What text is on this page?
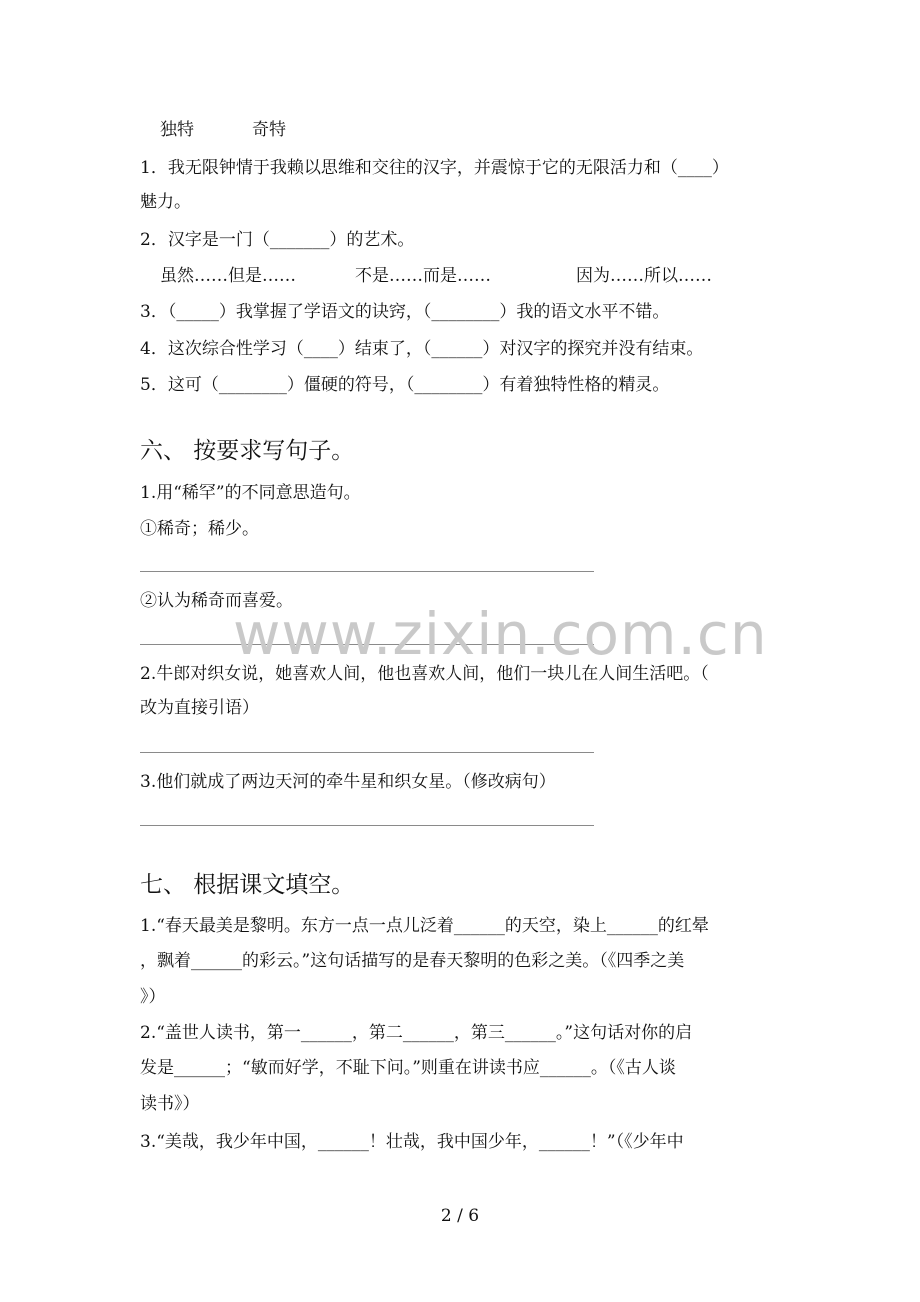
独特	奇特
1．我无限钟情于我赖以思维和交往的汉字，并震惊于它的无限活力和（____）
魅力。
2．汉字是一门（_______）的艺术。
虽然……但是……	不是……而是……	因为……所以……
3．（_____）我掌握了学语文的诀窍，（________）我的语文水平不错。
4．这次综合性学习（____）结束了，（______）对汉字的探究并没有结束。
5．这可（________）僵硬的符号，（________）有着独特性格的精灵。
六、 按要求写句子。
1.用“稀罕”的不同意思造句。
①稀奇；稀少。
②认为稀奇而喜爱。
2.牛郎对织女说，她喜欢人间，他也喜欢人间，他们一块儿在人间生活吧。（
改为直接引语）
3.他们就成了两边天河的牵牛星和织女星。（修改病句）
七、 根据课文填空。
1.“春天最美是黎明。东方一点一点儿泛着______的天空，染上______的红晕
，飘着______的彩云。”这句话描写的是春天黎明的色彩之美。（《四季之美
》）
2.“盖世人读书，第一______，第二______，第三______。”这句话对你的启
发是______；“敏而好学，不耻下问。”则重在讲读书应______。（《古人谈
读书》）
3.“美哉，我少年中国，______！壮哉，我中国少年，______！”（《少年中
www.zixin.com.cn
2 / 6
